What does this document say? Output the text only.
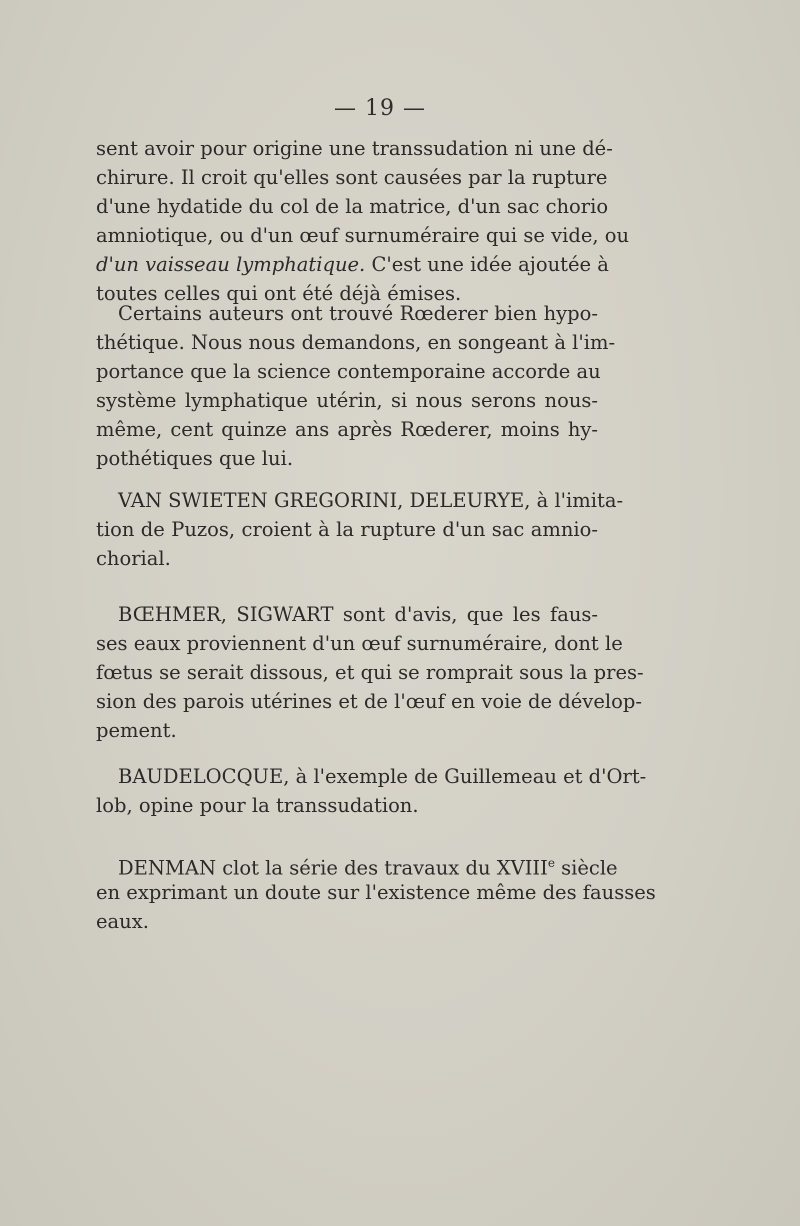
— 19 —
sent avoir pour origine une transsudation ni une dé-
chirure. Il croit qu'elles sont causées par la rupture
d'une hydatide du col de la matrice, d'un sac chorio
amniotique, ou d'un œuf surnuméraire qui se vide, ou
d'un vaisseau lymphatique. C'est une idée ajoutée à
toutes celles qui ont été déjà émises.
Certains auteurs ont trouvé Rœderer bien hypo-
thétique. Nous nous demandons, en songeant à l'im-
portance que la science contemporaine accorde au
système lymphatique utérin, si nous serons nous-
même, cent quinze ans après Rœderer, moins hy-
pothétiques que lui.
VAN SWIETEN GREGORINI, DELEURYE, à l'imita-
tion de Puzos, croient à la rupture d'un sac amnio-
chorial.
BŒHMER, SIGWART sont d'avis, que les faus-
ses eaux proviennent d'un œuf surnuméraire, dont le
fœtus se serait dissous, et qui se romprait sous la pres-
sion des parois utérines et de l'œuf en voie de dévelop-
pement.
BAUDELOCQUE, à l'exemple de Guillemeau et d'Ort-
lob, opine pour la transsudation.
DENMAN clot la série des travaux du XVIIIe siècle
en exprimant un doute sur l'existence même des fausses
eaux.
